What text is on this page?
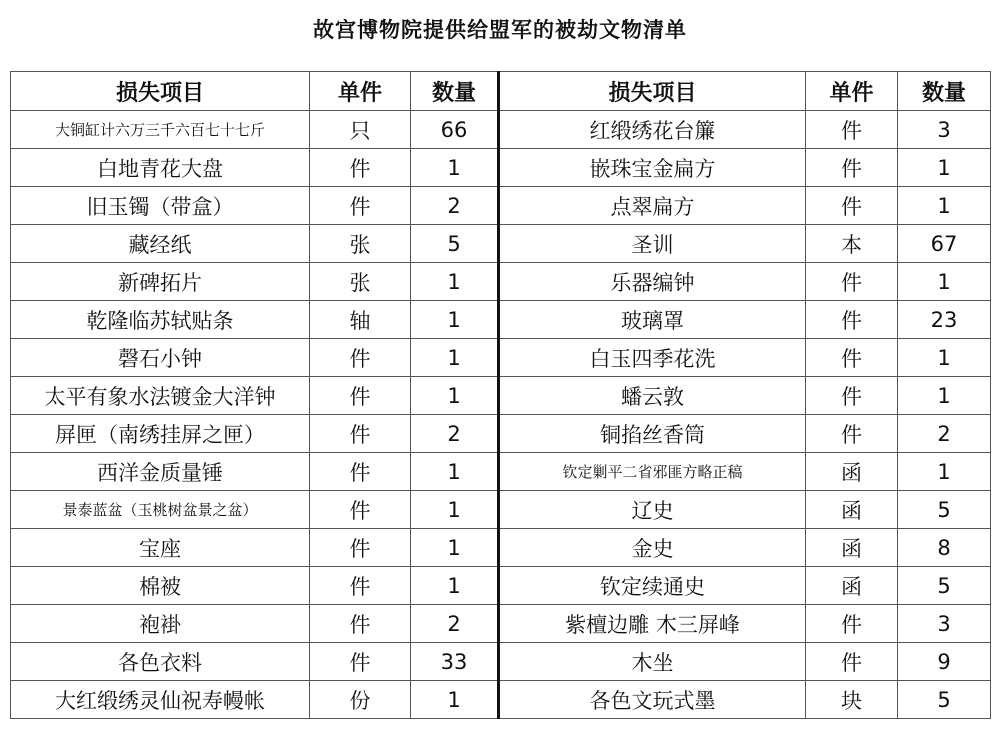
故宫博物院提供给盟军的被劫文物清单
损失项目	单件	数量	损失项目	单件	数量
大铜缸计六万三千六百七十七斤	只	66	红缎绣花台簾	件	3
白地青花大盘	件	1	嵌珠宝金扁方	件	1
旧玉镯（带盒）	件	2	点翠扁方	件	1
藏经纸	张	5	圣训	本	67
新碑拓片	张	1	乐器编钟	件	1
乾隆临苏轼贴条	轴	1	玻璃罩	件	23
磬石小钟	件	1	白玉四季花洗	件	1
太平有象水法镀金大洋钟	件	1	蟠云敦	件	1
屏匣（南绣挂屏之匣）	件	2	铜掐丝香筒	件	2
西洋金质量锤	件	1	钦定剿平二省邪匪方略正稿	函	1
景泰蓝盆（玉桃树盆景之盆）	件	1	辽史	函	5
宝座	件	1	金史	函	8
棉被	件	1	钦定续通史	函	5
袍褂	件	2	紫檀边雕 木三屏峰	件	3
各色衣料	件	33	木坐	件	9
大红缎绣灵仙祝寿幔帐	份	1	各色文玩式墨	块	5
